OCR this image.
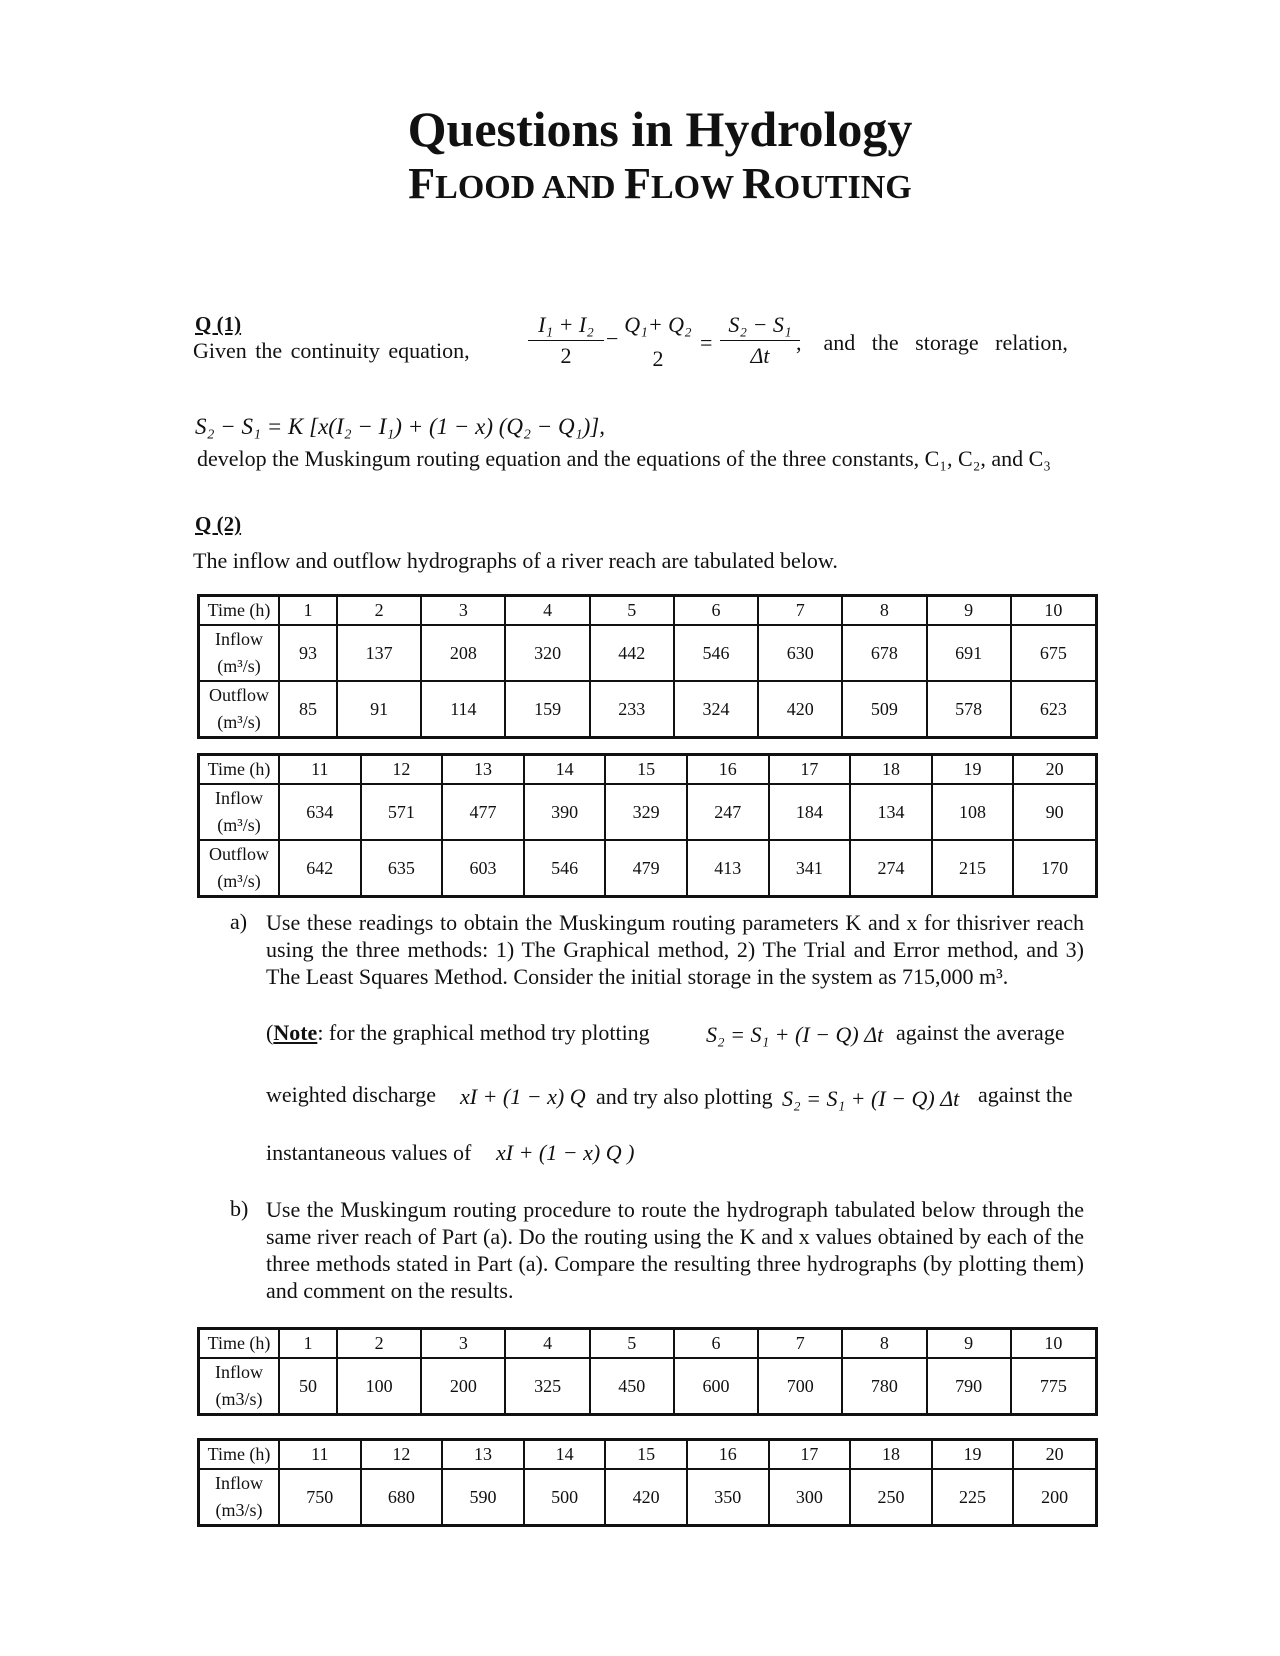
Questions in Hydrology
FLOOD AND FLOW ROUTING
Q (1)
Given the continuity equation,
I₁ + I₂
2
−
Q₁+ Q₂
2
=
S₂ − S₁
Δt
,    and   the   storage   relation,
S₂ − S₁ = K [x(I₂ − I₁) + (1 − x) (Q₂ − Q₁)],
develop the Muskingum routing equation and the equations of the three constants, C₁, C₂, and C₃
Q (2)
The inflow and outflow hydrographs of a river reach are tabulated below.
Time (h)	1	2	3	4	5	6	7	8	9	10
Inflow
(m³/s)	93	137	208	320	442	546	630	678	691	675
Outflow
(m³/s)	85	91	114	159	233	324	420	509	578	623
Time (h)	11	12	13	14	15	16	17	18	19	20
Inflow
(m³/s)	634	571	477	390	329	247	184	134	108	90
Outflow
(m³/s)	642	635	603	546	479	413	341	274	215	170
a) Use these readings to obtain the Muskingum routing parameters K and x for thisriver reach using the three methods: 1) The Graphical method, 2) The Trial and Error method, and 3) The Least Squares Method. Consider the initial storage in the system as 715,000 m³.
(Note: for the graphical method try plotting	S₂ = S₁ + (I − Q) Δt against the average
weighted discharge xI + (1 − x) Q and try also plotting S₂ = S₁ + (I − Q) Δt against the
instantaneous values of xI + (1 − x) Q )
b) Use the Muskingum routing procedure to route the hydrograph tabulated below through the same river reach of Part (a). Do the routing using the K and x values obtained by each of the three methods stated in Part (a). Compare the resulting three hydrographs (by plotting them) and comment on the results.
Time (h)	1	2	3	4	5	6	7	8	9	10
Inflow
(m3/s)	50	100	200	325	450	600	700	780	790	775
Time (h)	11	12	13	14	15	16	17	18	19	20
Inflow
(m3/s)	750	680	590	500	420	350	300	250	225	200
